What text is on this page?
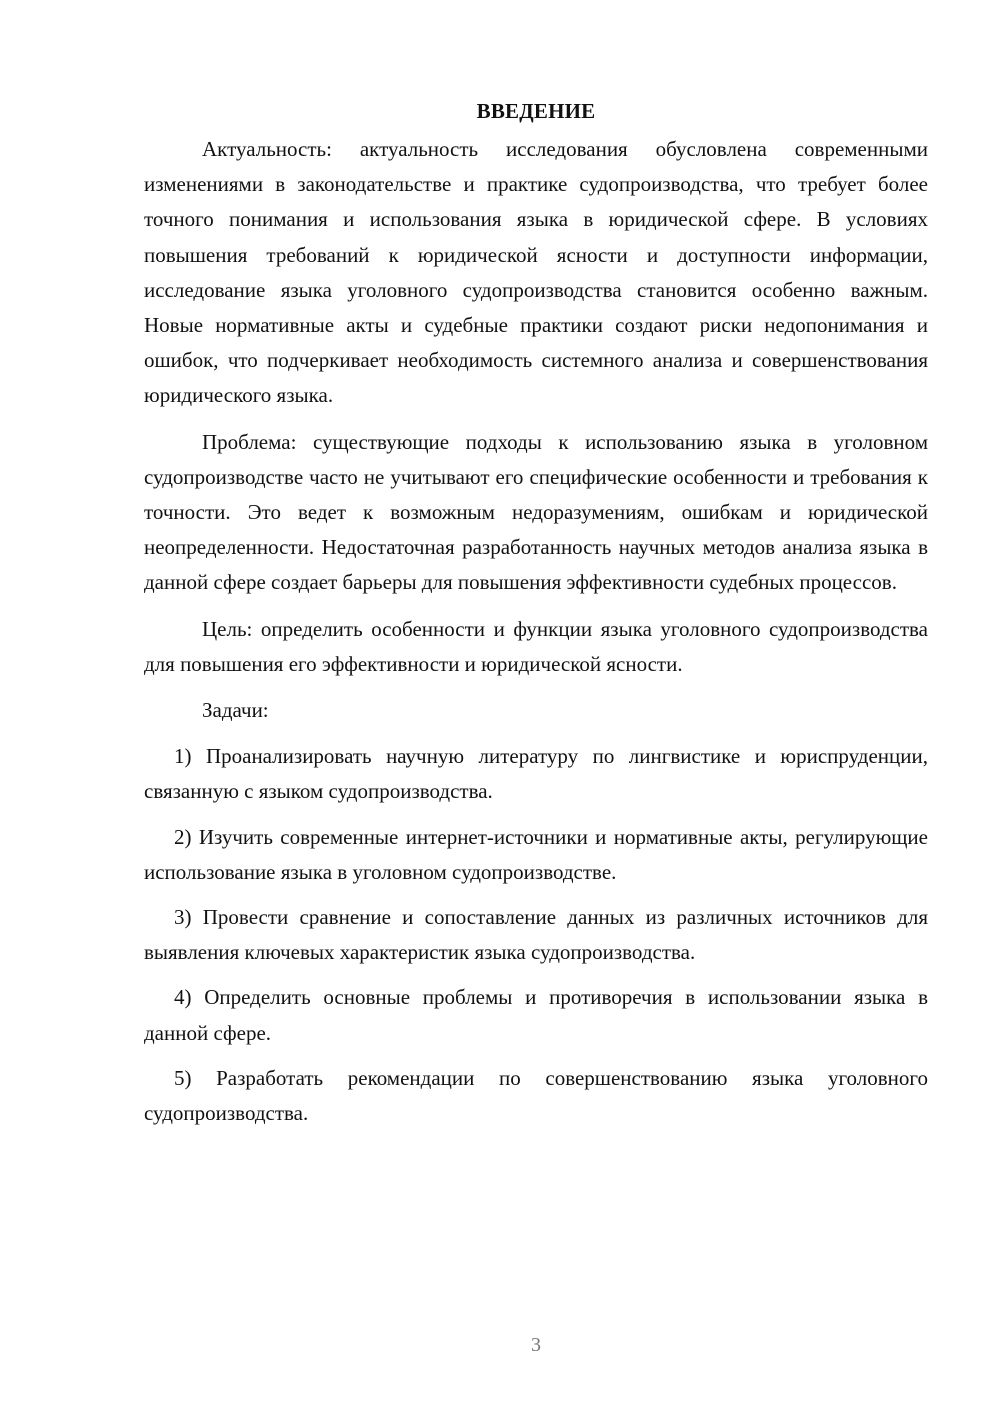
ВВЕДЕНИЕ

Актуальность: актуальность исследования обусловлена современными изменениями в законодательстве и практике судопроизводства, что требует более точного понимания и использования языка в юридической сфере. В условиях повышения требований к юридической ясности и доступности информации, исследование языка уголовного судопроизводства становится особенно важным. Новые нормативные акты и судебные практики создают риски недопонимания и ошибок, что подчеркивает необходимость системного анализа и совершенствования юридического языка.

Проблема: существующие подходы к использованию языка в уголовном судопроизводстве часто не учитывают его специфические особенности и требования к точности. Это ведет к возможным недоразумениям, ошибкам и юридической неопределенности. Недостаточная разработанность научных методов анализа языка в данной сфере создает барьеры для повышения эффективности судебных процессов.

Цель: определить особенности и функции языка уголовного судопроизводства для повышения его эффективности и юридической ясности.

Задачи:

1) Проанализировать научную литературу по лингвистике и юриспруденции, связанную с языком судопроизводства.

2) Изучить современные интернет-источники и нормативные акты, регулирующие использование языка в уголовном судопроизводстве.

3) Провести сравнение и сопоставление данных из различных источников для выявления ключевых характеристик языка судопроизводства.

4) Определить основные проблемы и противоречия в использовании языка в данной сфере.

5) Разработать рекомендации по совершенствованию языка уголовного судопроизводства.

3
